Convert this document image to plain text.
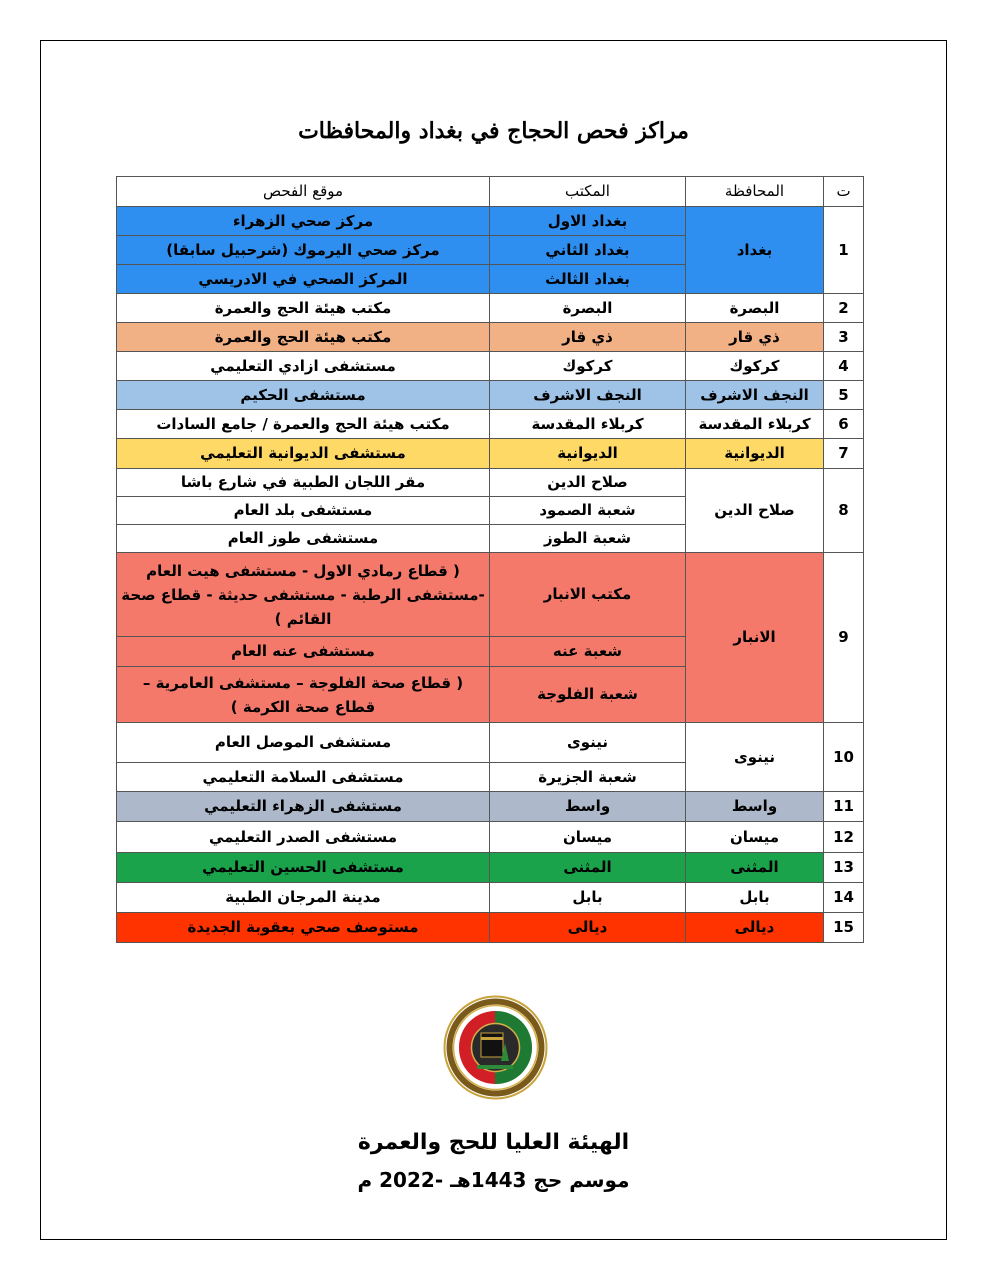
مراكز فحص الحجاج في بغداد والمحافظات
ت	المحافظة	المكتب	موقع الفحص
1	بغداد	بغداد الاول	مركز صحي الزهراء
		بغداد الثاني	مركز صحي اليرموك (شرحبيل سابقا)
		بغداد الثالث	المركز الصحي في الادريسي
2	البصرة	البصرة	مكتب هيئة الحج والعمرة
3	ذي قار	ذي قار	مكتب هيئة الحج والعمرة
4	كركوك	كركوك	مستشفى ازادي التعليمي
5	النجف الاشرف	النجف الاشرف	مستشفى الحكيم
6	كربلاء المقدسة	كربلاء المقدسة	مكتب هيئة الحج والعمرة / جامع السادات
7	الديوانية	الديوانية	مستشفى الديوانية التعليمي
8	صلاح الدين	صلاح الدين	مقر اللجان الطبية في شارع باشا
		شعبة الصمود	مستشفى بلد العام
		شعبة الطوز	مستشفى طوز العام
9	الانبار	مكتب الانبار	( قطاع رمادي الاول - مستشفى هيت العام -مستشفى الرطبة - مستشفى حديثة - قطاع صحة القائم )
		شعبة عنه	مستشفى عنه العام
		شعبة الفلوجة	( قطاع صحة الفلوجة – مستشفى العامرية – قطاع صحة الكرمة )
10	نينوى	نينوى	مستشفى الموصل العام
		شعبة الجزيرة	مستشفى السلامة التعليمي
11	واسط	واسط	مستشفى الزهراء التعليمي
12	ميسان	ميسان	مستشفى الصدر التعليمي
13	المثنى	المثنى	مستشفى الحسين التعليمي
14	بابل	بابل	مدينة المرجان الطبية
15	ديالى	ديالى	مستوصف صحي بعقوبة الجديدة
الهيئة العليا للحج والعمرة
موسم حج 1443هـ -2022 م
